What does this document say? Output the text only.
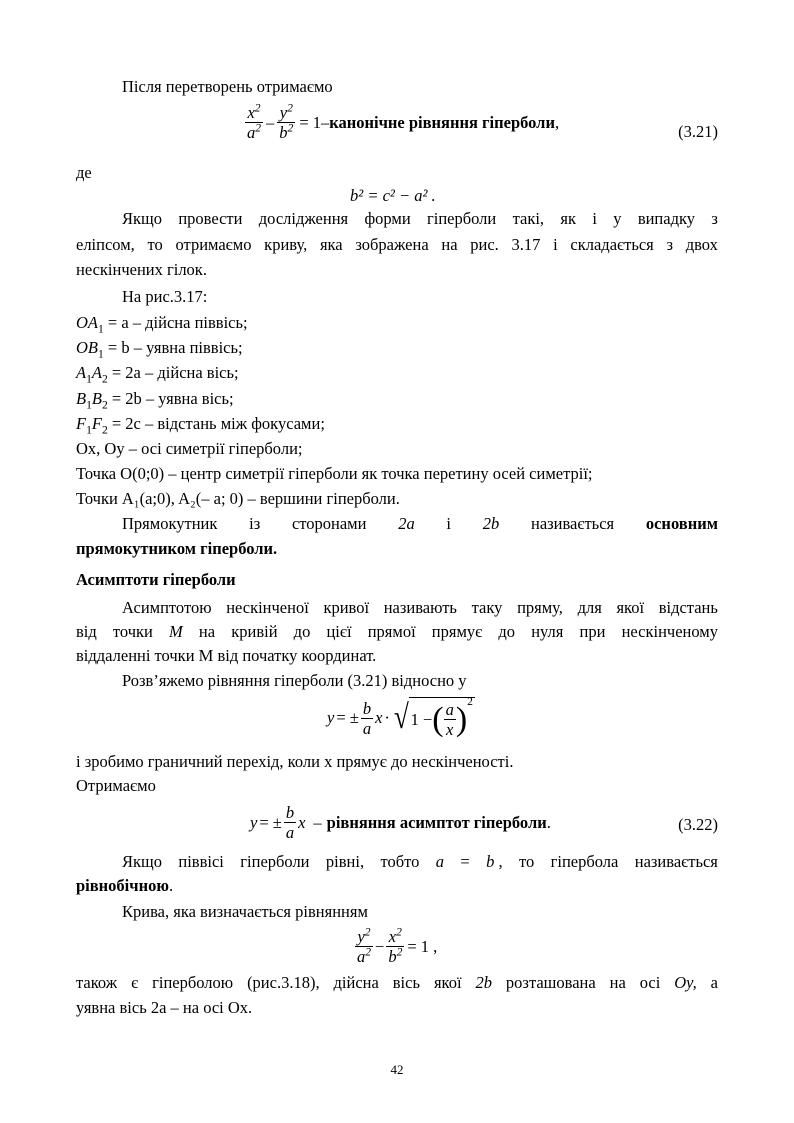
Після перетворень отримаємо
$\frac{x^2}{a^2} - \frac{y^2}{b^2} = 1$ – канонічне рівняння гіперболи ,	(3.21)
де
b² = c² − a² .
Якщо провести дослідження форми гіперболи такі, як і у випадку з
еліпсом, то отримаємо криву, яка зображена на рис. 3.17 і складається з двох
нескінчених гілок.
На рис.3.17:
$OA_1 = a$ – дійсна піввісь;
$OB_1 = b$ – уявна піввісь;
$A_1A_2 = 2a$ – дійсна вісь;
$B_1B_2 = 2b$ – уявна вісь;
$F_1F_2 = 2c$ – відстань між фокусами;
Ox, Oy – осі симетрії гіперболи;
Точка O(0;0) – центр симетрії гіперболи як точка перетину осей симетрії;
Точки A₁(a;0), A₂(– a; 0) – вершини гіперболи.
Прямокутник із сторонами 2a і 2b називається основним
прямокутником гіперболи.
Асимптоти гіперболи
Асимптотою нескінченої кривої називають таку пряму, для якої відстань
від точки M на кривій до цієї прямої прямує до нуля при нескінченому
віддаленні точки M від початку координат.
Розв’яжемо рівняння гіперболи (3.21) відносно y
y = ± $\frac{b}{a}$ x · √ 1 − ( $\frac{a}{x}$ ) 2
і зробимо граничний перехід, коли x прямує до нескінченості.
Отримаємо
y = ± $\frac{b}{a}$ x – рівняння асимптот гіперболи .	(3.22)
Якщо піввісі гіперболи рівні, тобто a = b , то гіпербола називається
рівнобічною.
Крива, яка визначається рівнянням
$\frac{y^2}{a^2} - \frac{x^2}{b^2} = 1$ ,
також є гіперболою (рис.3.18), дійсна вісь якої 2b розташована на осі Oy, а
уявна вісь 2a – на осі Ox.
42
